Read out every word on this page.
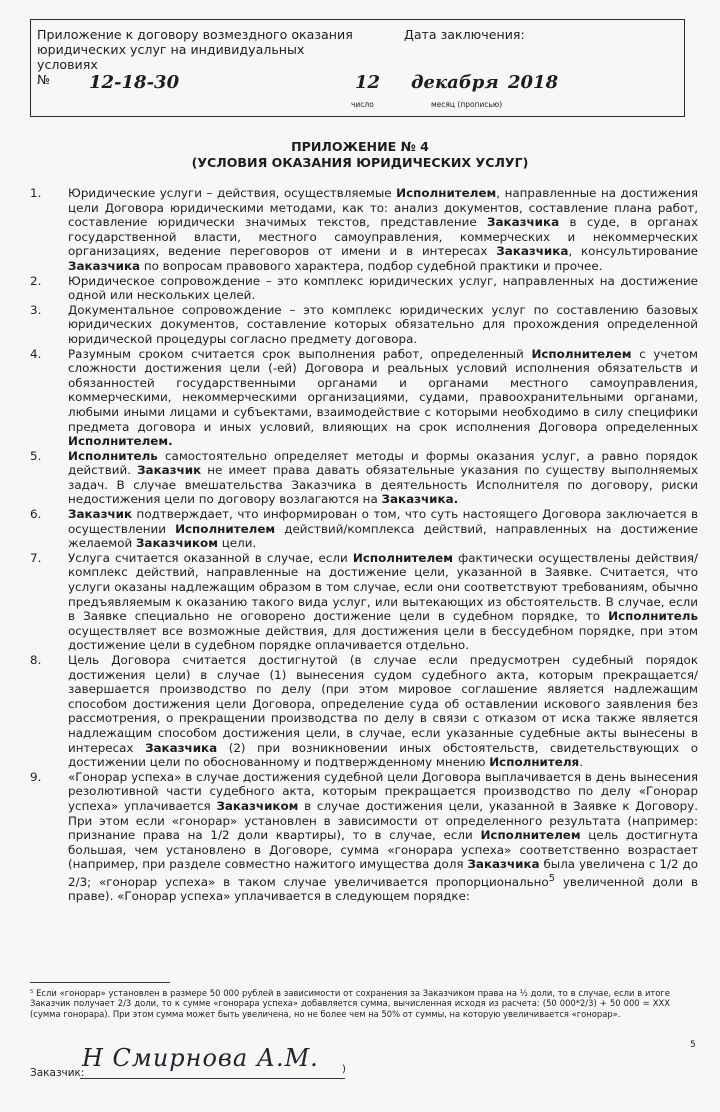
Приложение к договору возмездного оказания
юридических услуг на индивидуальных условиях
№
Дата заключения:
12-18-30	12 декабря 2018
число	месяц (прописью)
ПРИЛОЖЕНИЕ № 4
(УСЛОВИЯ ОКАЗАНИЯ ЮРИДИЧЕСКИХ УСЛУГ)
1. Юридические услуги – действия, осуществляемые Исполнителем, направленные на достижения цели Договора юридическими методами, как то: анализ документов, составление плана работ, составление юридически значимых текстов, представление Заказчика в суде, в органах государственной власти, местного самоуправления, коммерческих и некоммерческих организациях, ведение переговоров от имени и в интересах Заказчика, консультирование Заказчика по вопросам правового характера, подбор судебной практики и прочее.
2. Юридическое сопровождение – это комплекс юридических услуг, направленных на достижение одной или нескольких целей.
3. Документальное сопровождение – это комплекс юридических услуг по составлению базовых юридических документов, составление которых обязательно для прохождения определенной юридической процедуры согласно предмету договора.
4. Разумным сроком считается срок выполнения работ, определенный Исполнителем с учетом сложности достижения цели (-ей) Договора и реальных условий исполнения обязательств и обязанностей государственными органами и органами местного самоуправления, коммерческими, некоммерческими организациями, судами, правоохранительными органами, любыми иными лицами и субъектами, взаимодействие с которыми необходимо в силу специфики предмета договора и иных условий, влияющих на срок исполнения Договора определенных Исполнителем.
5. Исполнитель самостоятельно определяет методы и формы оказания услуг, а равно порядок действий. Заказчик не имеет права давать обязательные указания по существу выполняемых задач. В случае вмешательства Заказчика в деятельность Исполнителя по договору, риски недостижения цели по договору возлагаются на Заказчика.
6. Заказчик подтверждает, что информирован о том, что суть настоящего Договора заключается в осуществлении Исполнителем действий/комплекса действий, направленных на достижение желаемой Заказчиком цели.
7. Услуга считается оказанной в случае, если Исполнителем фактически осуществлены действия/комплекс действий, направленные на достижение цели, указанной в Заявке. Считается, что услуги оказаны надлежащим образом в том случае, если они соответствуют требованиям, обычно предъявляемым к оказанию такого вида услуг, или вытекающих из обстоятельств. В случае, если в Заявке специально не оговорено достижение цели в судебном порядке, то Исполнитель осуществляет все возможные действия, для достижения цели в бессудебном порядке, при этом достижение цели в судебном порядке оплачивается отдельно.
8. Цель Договора считается достигнутой (в случае если предусмотрен судебный порядок достижения цели) в случае (1) вынесения судом судебного акта, которым прекращается/завершается производство по делу (при этом мировое соглашение является надлежащим способом достижения цели Договора, определение суда об оставлении искового заявления без рассмотрения, о прекращении производства по делу в связи с отказом от иска также является надлежащим способом достижения цели, в случае, если указанные судебные акты вынесены в интересах Заказчика (2) при возникновении иных обстоятельств, свидетельствующих о достижении цели по обоснованному и подтвержденному мнению Исполнителя.
9. «Гонорар успеха» в случае достижения судебной цели Договора выплачивается в день вынесения резолютивной части судебного акта, которым прекращается производство по делу «Гонорар успеха» уплачивается Заказчиком в случае достижения цели, указанной в Заявке к Договору. При этом если «гонорар» установлен в зависимости от определенного результата (например: признание права на 1/2 доли квартиры), то в случае, если Исполнителем цель достигнута большая, чем установлено в Договоре, сумма «гонорара успеха» соответственно возрастает (например, при разделе совместно нажитого имущества доля Заказчика была увеличена с 1/2 до 2/3; «гонорар успеха» в таком случае увеличивается пропорционально$^5$ увеличенной доли в праве). «Гонорар успеха» уплачивается в следующем порядке:
⁵ Если «гонорар» установлен в размере 50 000 рублей в зависимости от сохранения за Заказчиком права на ½ доли, то в случае, если в итоге Заказчик получает 2/3 доли, то к сумме «гонорара успеха» добавляется сумма, вычисленная исходя из расчета: (50 000*2/3) + 50 000 = ХХХ (сумма гонорара). При этом сумма может быть увеличена, но не более чем на 50% от суммы, на которую увеличивается «гонорар».
5
Заказчик:
Н Смирнова А.М. )
